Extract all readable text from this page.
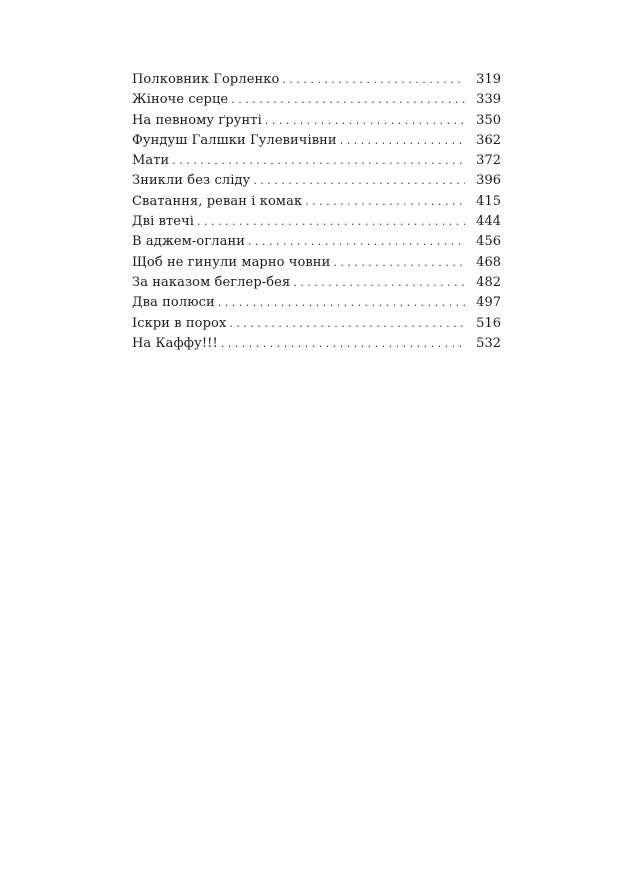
Полковник Горленко . . .	319
Жіноче серце . . .	339
На певному ґрунті . . .	350
Фундуш Галшки Гулевичівни . . .	362
Мати . . .	372
Зникли без сліду . . .	396
Сватання, реван і комак . . .	415
Дві втечі . . .	444
В аджем-оглани . . .	456
Щоб не гинули марно човни . . .	468
За наказом беглер-бея . . .	482
Два полюси . . .	497
Іскри в порох . . .	516
На Каффу!!! . . .	532
